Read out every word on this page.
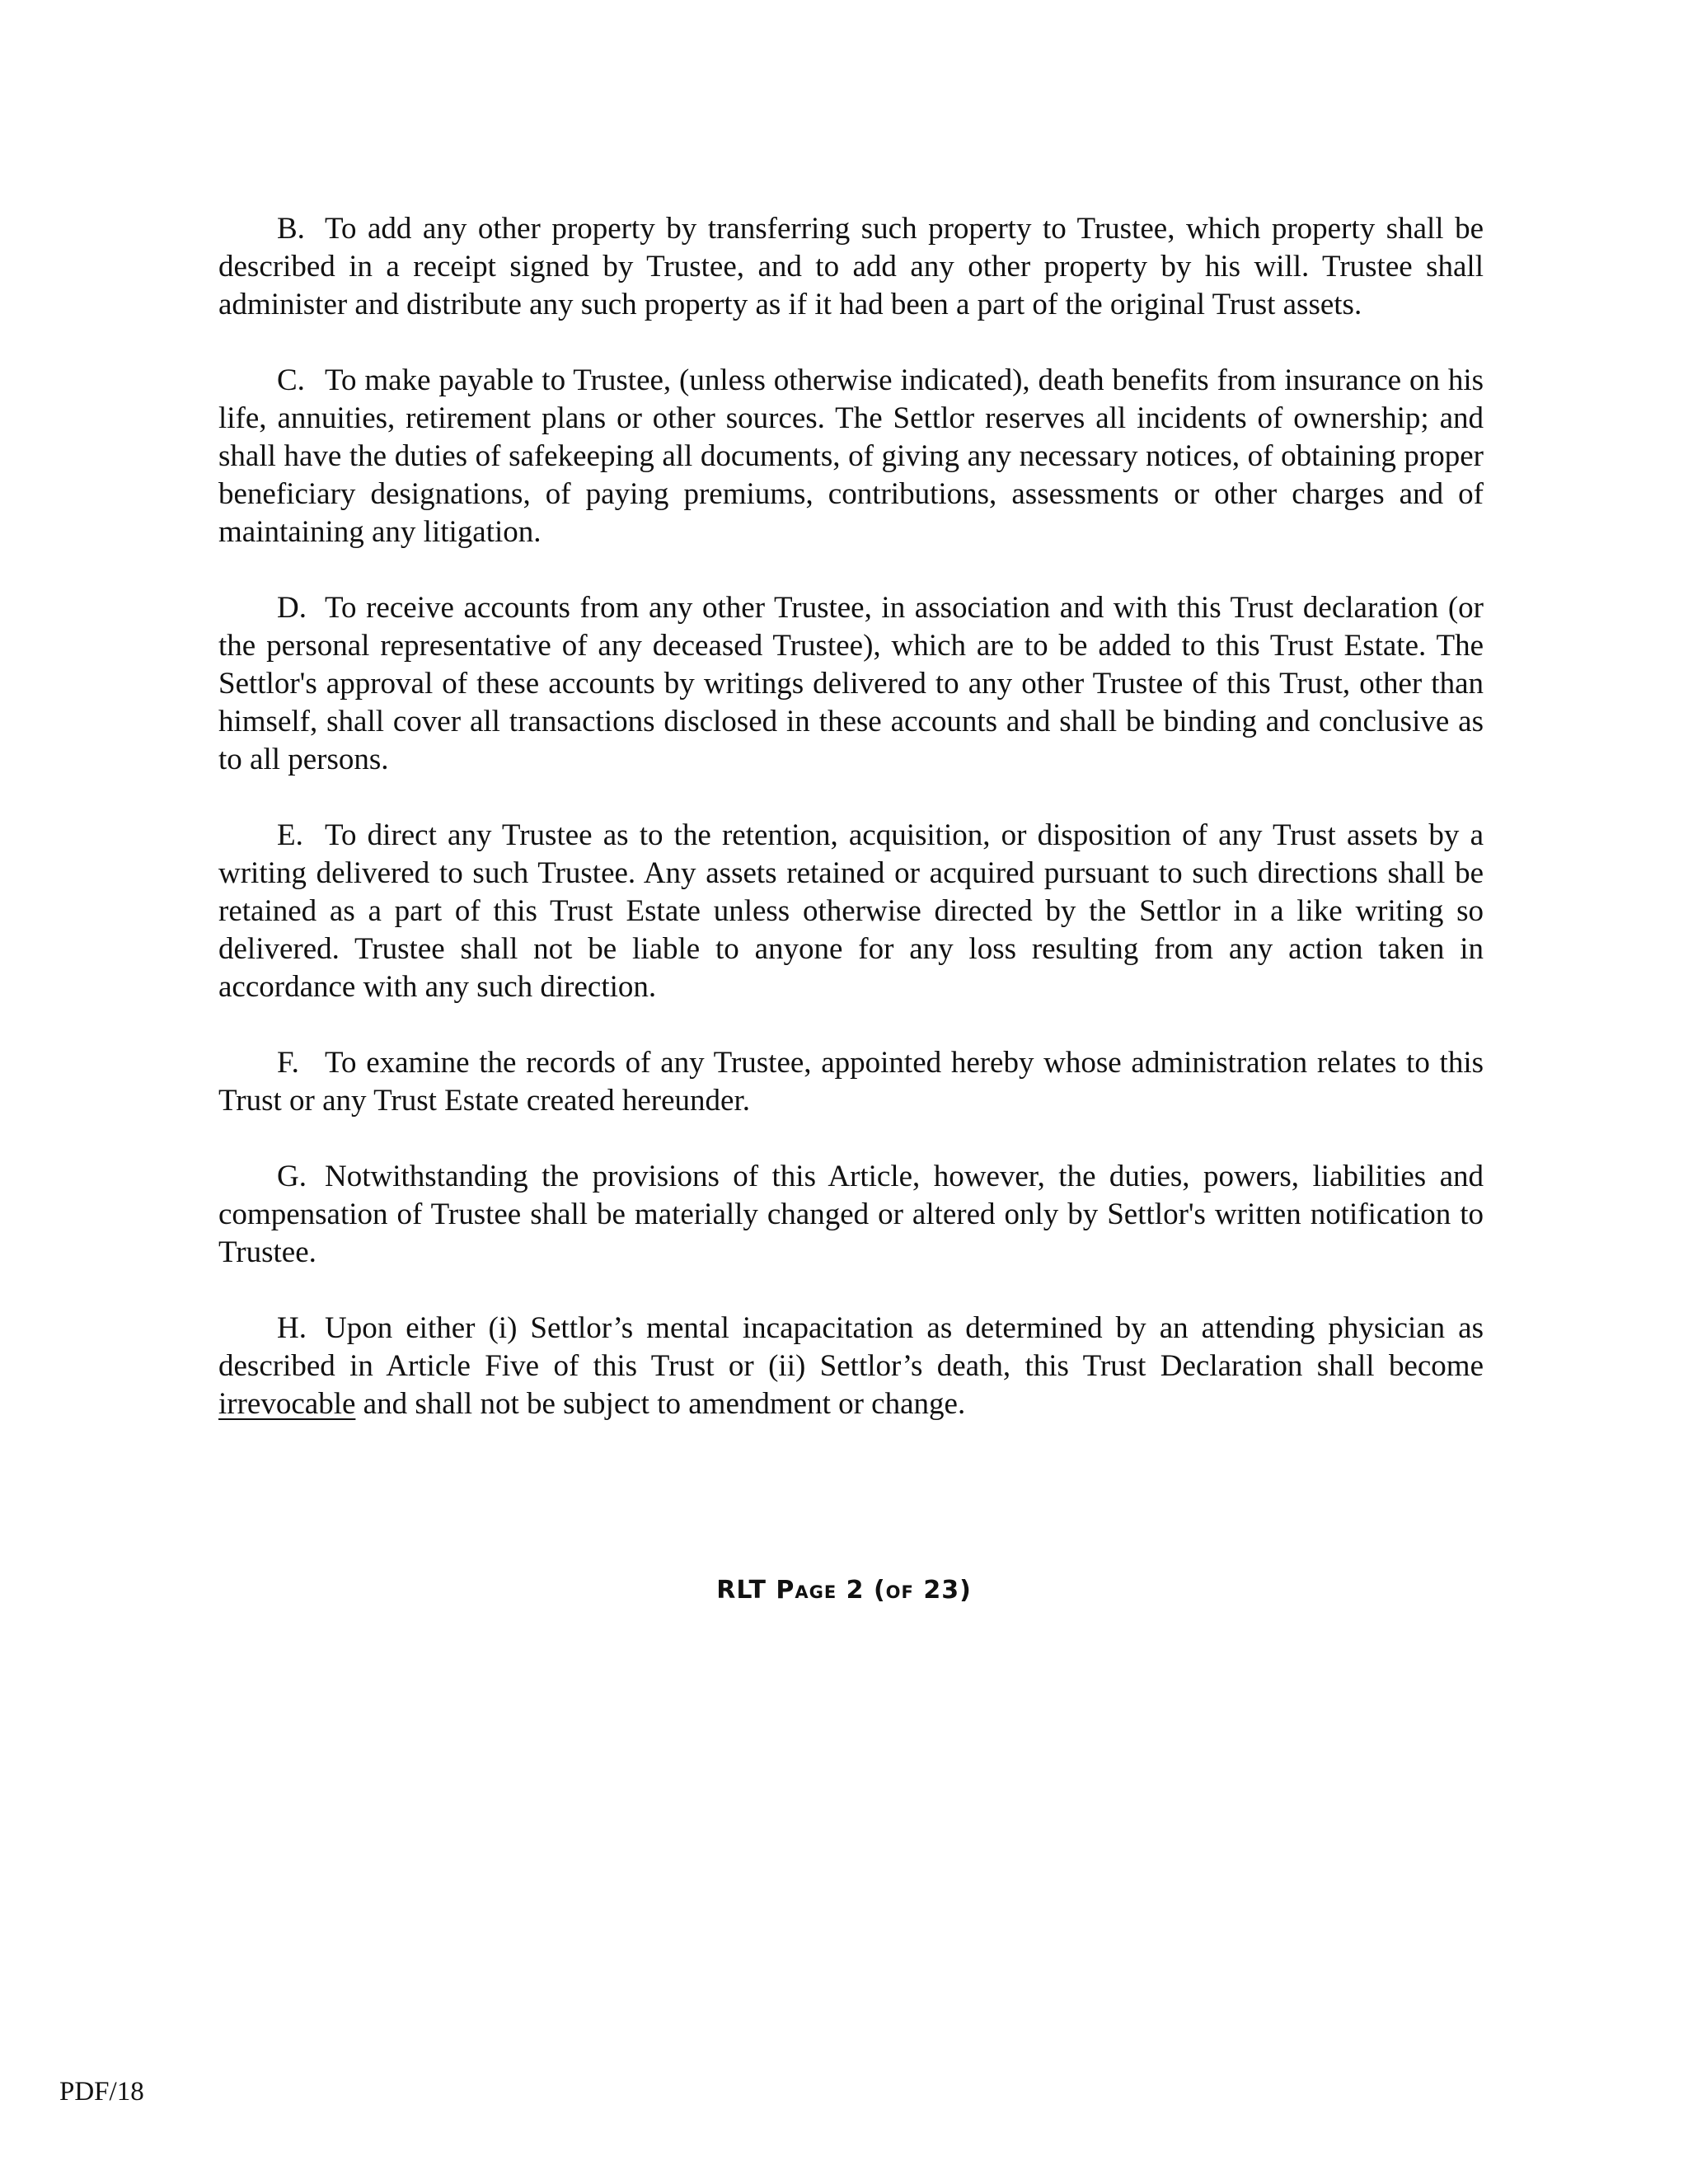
B. To add any other property by transferring such property to Trustee, which property shall be described in a receipt signed by Trustee, and to add any other property by his will. Trustee shall administer and distribute any such property as if it had been a part of the original Trust assets.

C. To make payable to Trustee, (unless otherwise indicated), death benefits from insurance on his life, annuities, retirement plans or other sources. The Settlor reserves all incidents of ownership; and shall have the duties of safekeeping all documents, of giving any necessary notices, of obtaining proper beneficiary designations, of paying premiums, contributions, assessments or other charges and of maintaining any litigation.

D. To receive accounts from any other Trustee, in association and with this Trust declaration (or the personal representative of any deceased Trustee), which are to be added to this Trust Estate. The Settlor's approval of these accounts by writings delivered to any other Trustee of this Trust, other than himself, shall cover all transactions disclosed in these accounts and shall be binding and conclusive as to all persons.

E. To direct any Trustee as to the retention, acquisition, or disposition of any Trust assets by a writing delivered to such Trustee. Any assets retained or acquired pursuant to such directions shall be retained as a part of this Trust Estate unless otherwise directed by the Settlor in a like writing so delivered. Trustee shall not be liable to anyone for any loss resulting from any action taken in accordance with any such direction.

F. To examine the records of any Trustee, appointed hereby whose administration relates to this Trust or any Trust Estate created hereunder.

G. Notwithstanding the provisions of this Article, however, the duties, powers, liabilities and compensation of Trustee shall be materially changed or altered only by Settlor's written notification to Trustee.

H. Upon either (i) Settlor’s mental incapacitation as determined by an attending physician as described in Article Five of this Trust or (ii) Settlor’s death, this Trust Declaration shall become irrevocable and shall not be subject to amendment or change.

RLT Page 2 (of 23)
PDF/18
